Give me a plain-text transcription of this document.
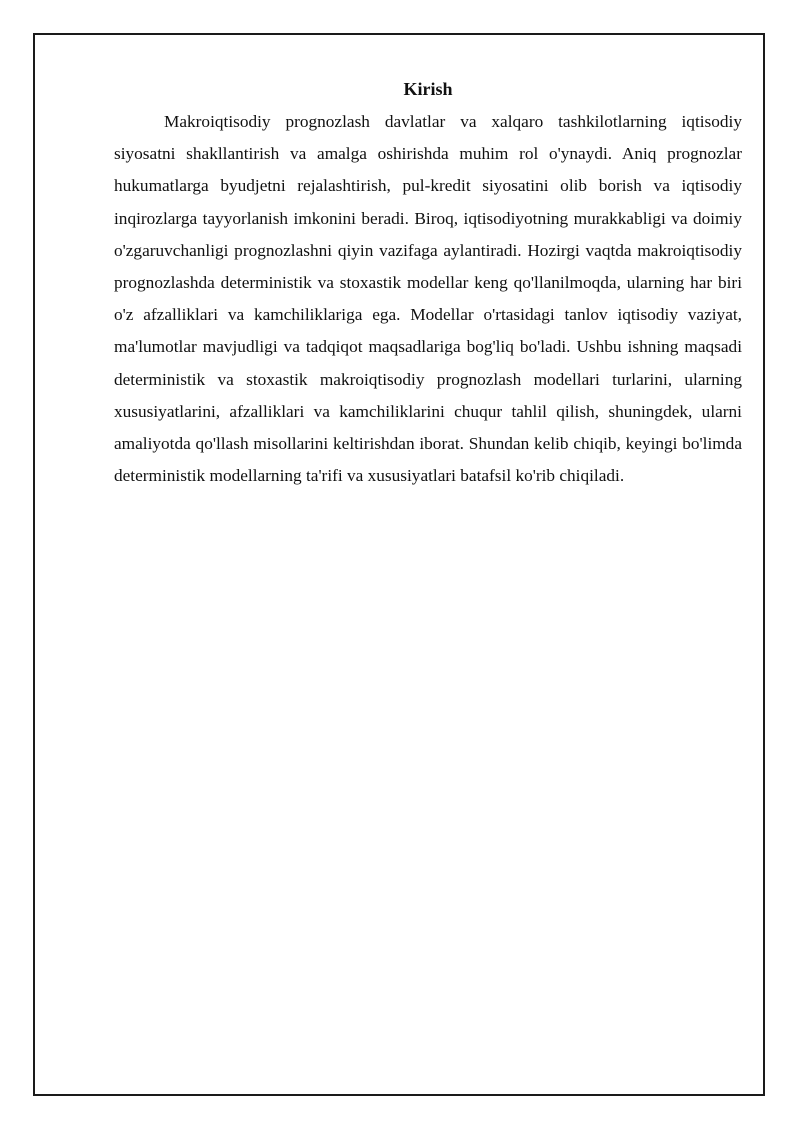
Kirish

Makroiqtisodiy prognozlash davlatlar va xalqaro tashkilotlarning iqtisodiy siyosatni shakllantirish va amalga oshirishda muhim rol o'ynaydi. Aniq prognozlar hukumatlarga byudjetni rejalashtirish, pul-kredit siyosatini olib borish va iqtisodiy inqirozlarga tayyorlanish imkonini beradi. Biroq, iqtisodiyotning murakkabligi va doimiy o'zgaruvchanligi prognozlashni qiyin vazifaga aylantiradi. Hozirgi vaqtda makroiqtisodiy prognozlashda deterministik va stoxastik modellar keng qo'llanilmoqda, ularning har biri o'z afzalliklari va kamchiliklariga ega. Modellar o'rtasidagi tanlov iqtisodiy vaziyat, ma'lumotlar mavjudligi va tadqiqot maqsadlariga bog'liq bo'ladi. Ushbu ishning maqsadi deterministik va stoxastik makroiqtisodiy prognozlash modellari turlarini, ularning xususiyatlarini, afzalliklari va kamchiliklarini chuqur tahlil qilish, shuningdek, ularni amaliyotda qo'llash misollarini keltirishdan iborat. Shundan kelib chiqib, keyingi bo'limda deterministik modellarning ta'rifi va xususiyatlari batafsil ko'rib chiqiladi.
